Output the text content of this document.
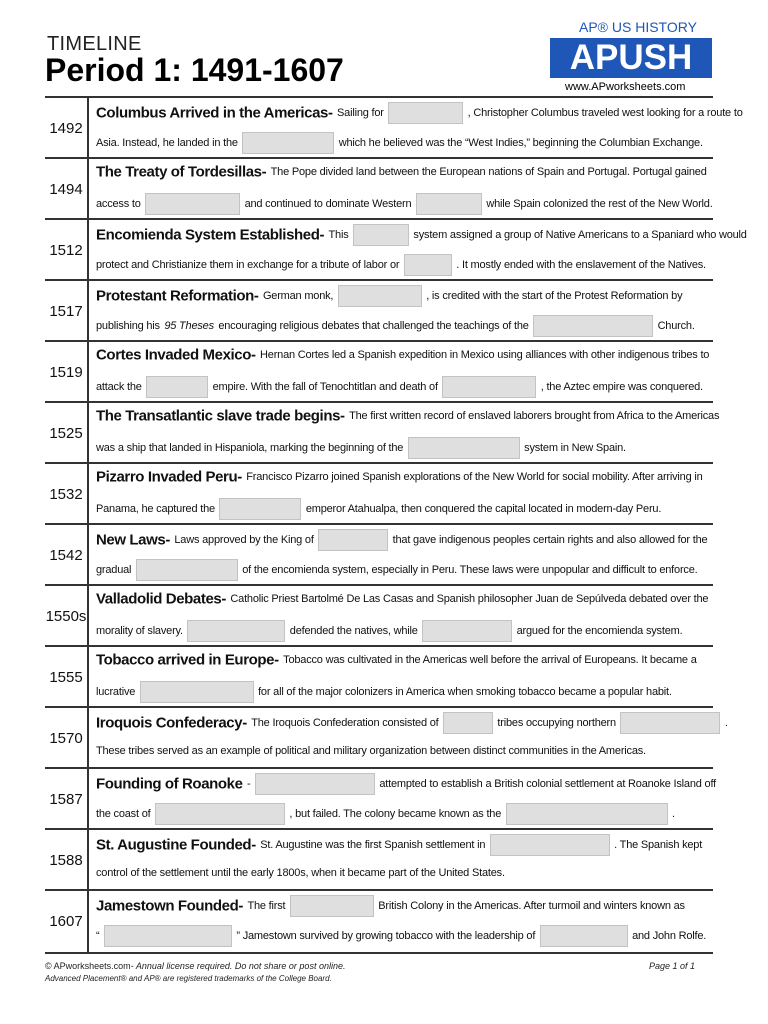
TIMELINE
Period 1: 1491-1607
AP® US HISTORY
APUSH
www.APworksheets.com
1492
Columbus Arrived in the Americas- Sailing for	, Christopher Columbus traveled west looking for a route to
Asia. Instead, he landed in the	which he believed was the “West Indies,” beginning the Columbian Exchange.
1494
The Treaty of Tordesillas- The Pope divided land between the European nations of Spain and Portugal. Portugal gained
access to	and continued to dominate Western	while Spain colonized the rest of the New World.
1512
Encomienda System Established- This	system assigned a group of Native Americans to a Spaniard who would
protect and Christianize them in exchange for a tribute of labor or	. It mostly ended with the enslavement of the Natives.
1517
Protestant Reformation- German monk,	, is credited with the start of the Protest Reformation by
publishing his 95 Theses encouraging religious debates that challenged the teachings of the	Church.
1519
Cortes Invaded Mexico- Hernan Cortes led a Spanish expedition in Mexico using alliances with other indigenous tribes to
attack the	empire. With the fall of Tenochtitlan and death of	, the Aztec empire was conquered.
1525
The Transatlantic slave trade begins- The first written record of enslaved laborers brought from Africa to the Americas
was a ship that landed in Hispaniola, marking the beginning of the	system in New Spain.
1532
Pizarro Invaded Peru- Francisco Pizarro joined Spanish explorations of the New World for social mobility. After arriving in
Panama, he captured the	emperor Atahualpa, then conquered the capital located in modern-day Peru.
1542
New Laws- Laws approved by the King of	that gave indigenous peoples certain rights and also allowed for the
gradual	of the encomienda system, especially in Peru. These laws were unpopular and difficult to enforce.
1550s
Valladolid Debates- Catholic Priest Bartolmé De Las Casas and Spanish philosopher Juan de Sepúlveda debated over the
morality of slavery.	defended the natives, while	argued for the encomienda system.
1555
Tobacco arrived in Europe- Tobacco was cultivated in the Americas well before the arrival of Europeans. It became a
lucrative	for all of the major colonizers in America when smoking tobacco became a popular habit.
1570
Iroquois Confederacy- The Iroquois Confederation consisted of	tribes occupying northern	.
These tribes served as an example of political and military organization between distinct communities in the Americas.
1587
Founding of Roanoke -	attempted to establish a British colonial settlement at Roanoke Island off
the coast of	, but failed. The colony became known as the	.
1588
St. Augustine Founded- St. Augustine was the first Spanish settlement in	. The Spanish kept
control of the settlement until the early 1800s, when it became part of the United States.
1607
Jamestown Founded- The first	British Colony in the Americas. After turmoil and winters known as
“	” Jamestown survived by growing tobacco with the leadership of	and John Rolfe.
© APworksheets.com- Annual license required. Do not share or post online.
Advanced Placement® and AP® are registered trademarks of the College Board.
Page 1 of 1
